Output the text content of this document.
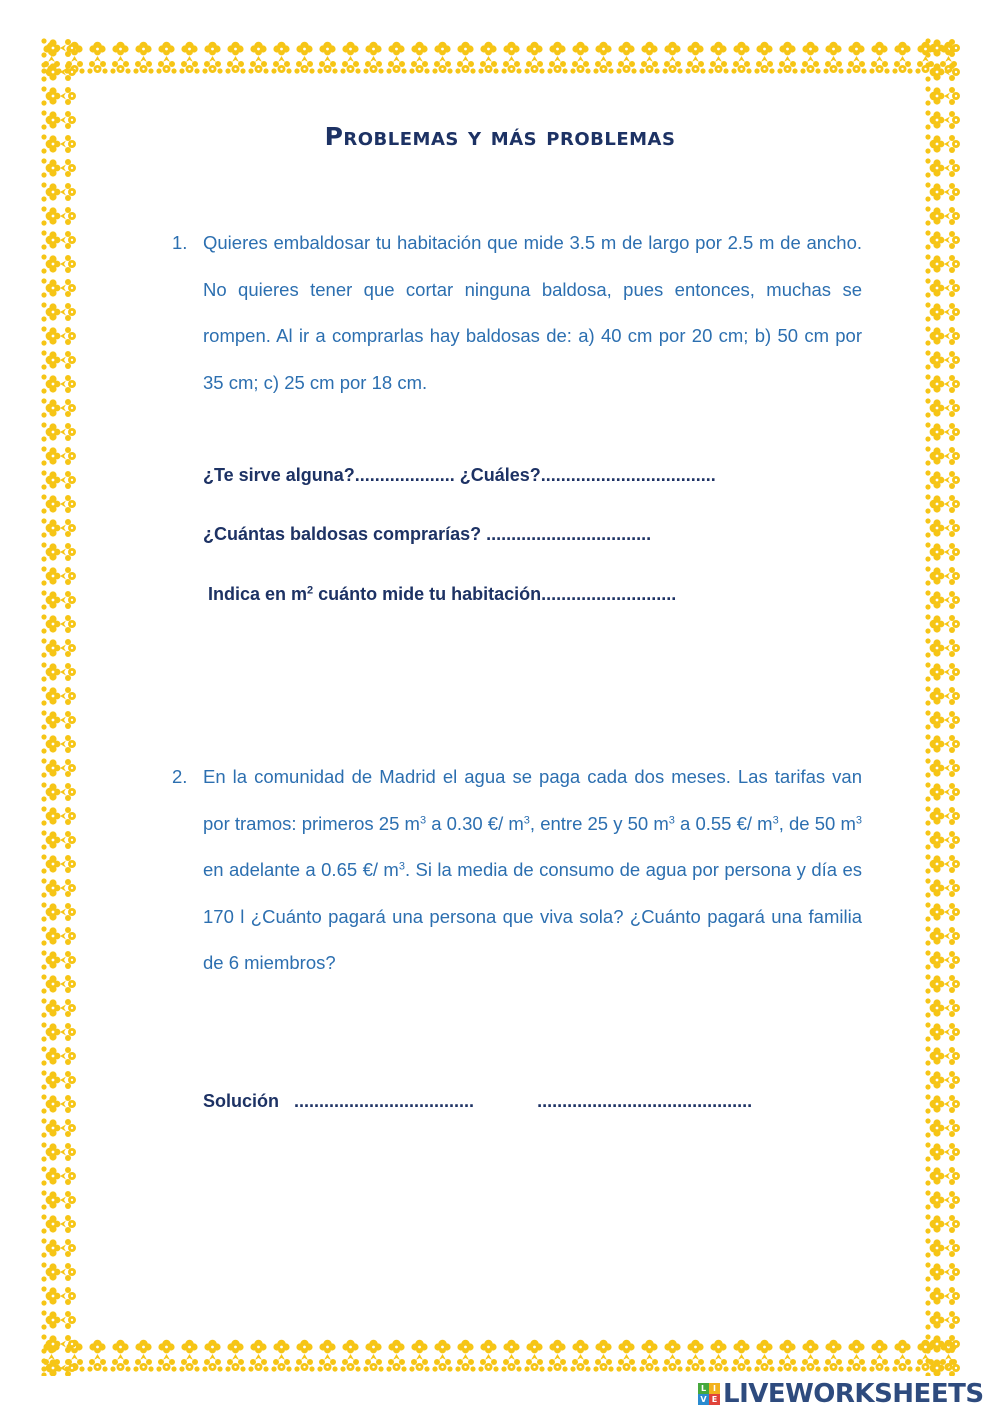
Problemas y más problemas
1. Quieres embaldosar tu habitación que mide 3.5 m de largo por 2.5 m de ancho. No quieres tener que cortar ninguna baldosa, pues entonces, muchas se rompen. Al ir a comprarlas hay baldosas de: a) 40 cm por 20 cm; b) 50 cm por 35 cm; c) 25 cm por 18 cm.
¿Te sirve alguna?.................... ¿Cuáles?...................................
¿Cuántas baldosas comprarías? .................................
Indica en $m^2$ cuánto mide tu habitación...........................
2. En la comunidad de Madrid el agua se paga cada dos meses. Las tarifas van por tramos: primeros 25 $m^3$ a 0.30 €/ $m^3$, entre 25 y 50 $m^3$ a 0.55 €/ $m^3$, de 50 $m^3$ en adelante a 0.65 €/ $m^3$. Si la media de consumo de agua por persona y día es 170 l ¿Cuánto pagará una persona que viva sola? ¿Cuánto pagará una familia de 6 miembros?
Solución ....................................	...........................................
L I
V E LIVEWORKSHEETS
